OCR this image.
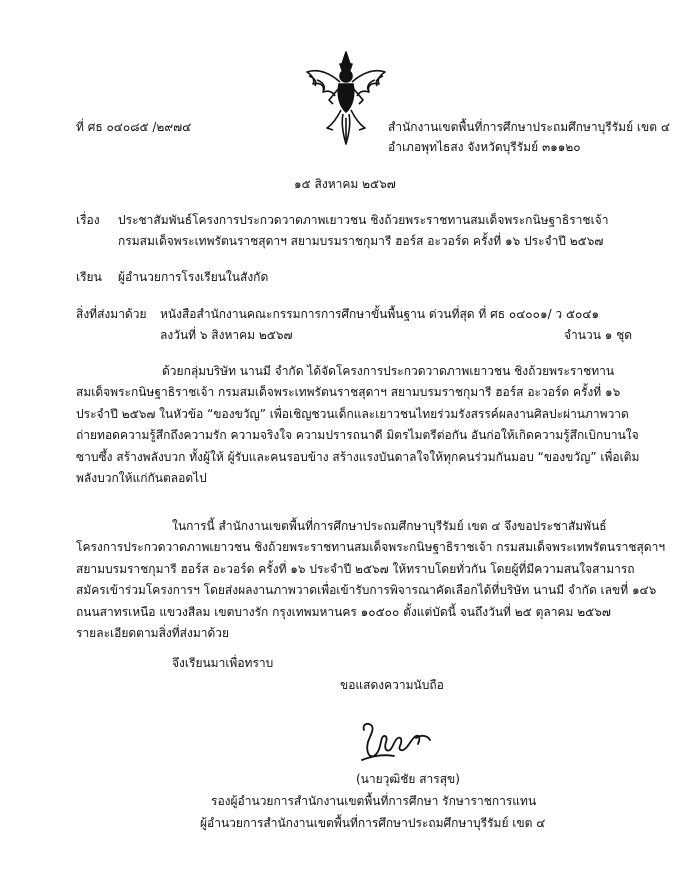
ที่ ศธ ๐๔๐๘๕ /๒๙๗๔	สำนักงานเขตพื้นที่การศึกษาประถมศึกษาบุรีรัมย์ เขต ๔
อำเภอพุทไธสง จังหวัดบุรีรัมย์ ๓๑๑๒๐
๑๕ สิงหาคม ๒๕๖๗
เรื่อง ประชาสัมพันธ์โครงการประกวดวาดภาพเยาวชน ชิงถ้วยพระราชทานสมเด็จพระกนิษฐาธิราชเจ้า
กรมสมเด็จพระเทพรัตนราชสุดาฯ สยามบรมราชกุมารี ฮอร์ส อะวอร์ด ครั้งที่ ๑๖ ประจำปี ๒๕๖๗
เรียน ผู้อำนวยการโรงเรียนในสังกัด
สิ่งที่ส่งมาด้วย หนังสือสำนักงานคณะกรรมการการศึกษาขั้นพื้นฐาน ด่วนที่สุด ที่ ศธ ๐๔๐๐๑/ ว ๕๐๔๑
ลงวันที่ ๖ สิงหาคม ๒๕๖๗	จำนวน ๑ ชุด
ด้วยกลุ่มบริษัท นานมี จำกัด ได้จัดโครงการประกวดวาดภาพเยาวชน ชิงถ้วยพระราชทาน
สมเด็จพระกนิษฐาธิราชเจ้า กรมสมเด็จพระเทพรัตนราชสุดาฯ สยามบรมราชกุมารี ฮอร์ส อะวอร์ด ครั้งที่ ๑๖
ประจำปี ๒๕๖๗ ในหัวข้อ “ของขวัญ” เพื่อเชิญชวนเด็กและเยาวชนไทยร่วมรังสรรค์ผลงานศิลปะผ่านภาพวาด
ถ่ายทอดความรู้สึกถึงความรัก ความจริงใจ ความปรารถนาดี มิตรไมตรีต่อกัน อันก่อให้เกิดความรู้สึกเบิกบานใจ
ซาบซึ้ง สร้างพลังบวก ทั้งผู้ให้ ผู้รับและคนรอบข้าง สร้างแรงบันดาลใจให้ทุกคนร่วมกันมอบ “ของขวัญ” เพื่อเติม
พลังบวกให้แก่กันตลอดไป
ในการนี้ สำนักงานเขตพื้นที่การศึกษาประถมศึกษาบุรีรัมย์ เขต ๔ จึงขอประชาสัมพันธ์
โครงการประกวดวาดภาพเยาวชน ชิงถ้วยพระราชทานสมเด็จพระกนิษฐาธิราชเจ้า กรมสมเด็จพระเทพรัตนราชสุดาฯ
สยามบรมราชกุมารี ฮอร์ส อะวอร์ด ครั้งที่ ๑๖ ประจำปี ๒๕๖๗ ให้ทราบโดยทั่วกัน โดยผู้ที่มีความสนใจสามารถ
สมัครเข้าร่วมโครงการฯ โดยส่งผลงานภาพวาดเพื่อเข้ารับการพิจารณาคัดเลือกได้ที่บริษัท นานมี จำกัด เลขที่ ๑๔๖
ถนนสาทรเหนือ แขวงสีลม เขตบางรัก กรุงเทพมหานคร ๑๐๕๐๐ ตั้งแต่บัดนี้ จนถึงวันที่ ๒๕ ตุลาคม ๒๕๖๗
รายละเอียดตามสิ่งที่ส่งมาด้วย
จึงเรียนมาเพื่อทราบ
ขอแสดงความนับถือ
(นายวุฒิชัย สารสุข)
รองผู้อำนวยการสำนักงานเขตพื้นที่การศึกษา รักษาราชการแทน
ผู้อำนวยการสำนักงานเขตพื้นที่การศึกษาประถมศึกษาบุรีรัมย์ เขต ๔
